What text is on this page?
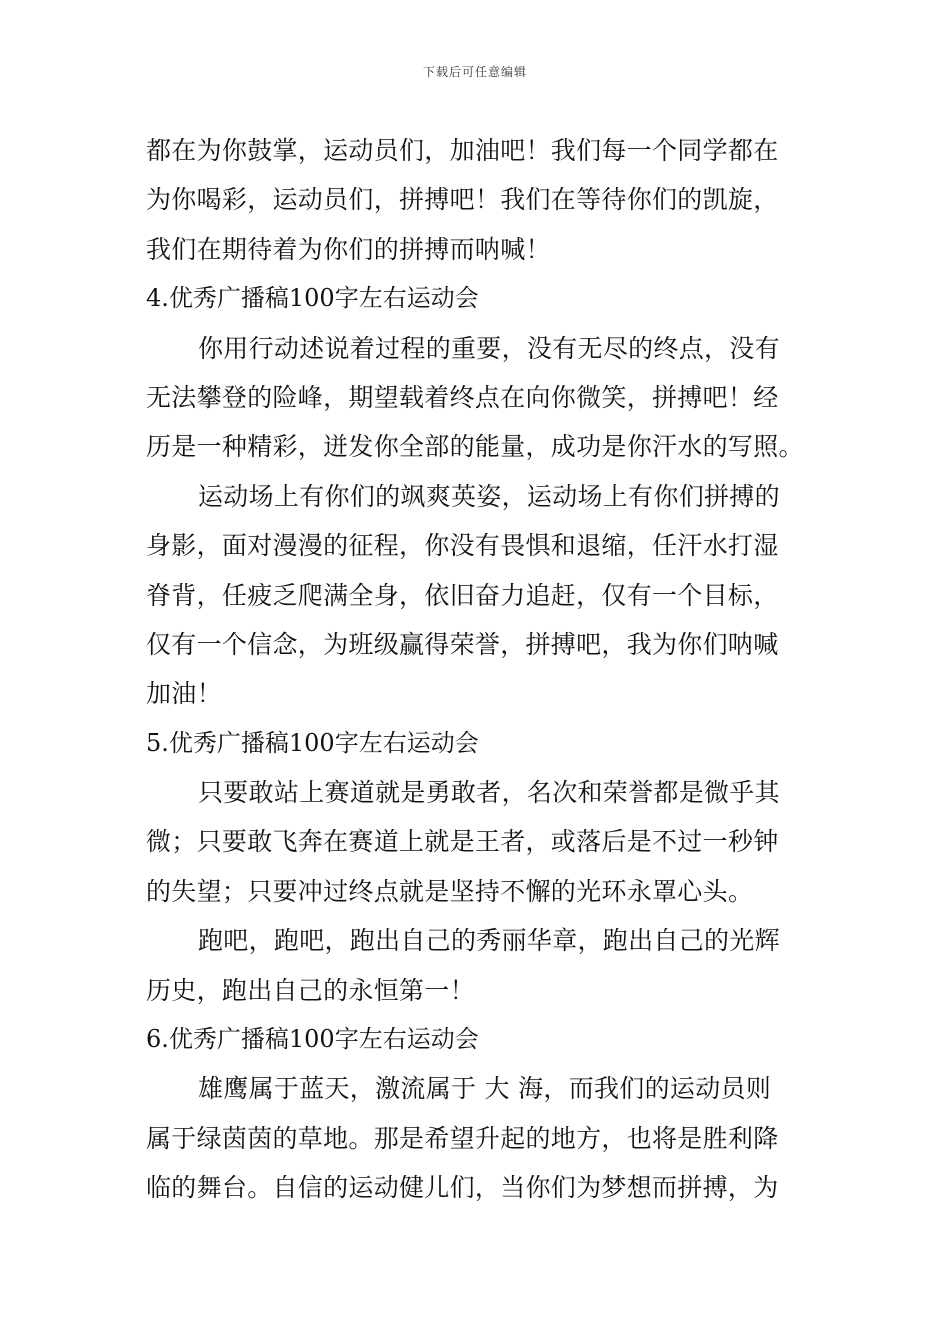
下载后可任意编辑
都在为你鼓掌，运动员们，加油吧！我们每一个同学都在
为你喝彩，运动员们，拼搏吧！我们在等待你们的凯旋，
我们在期待着为你们的拼搏而呐喊！
4.优秀广播稿100字左右运动会
你用行动述说着过程的重要，没有无尽的终点，没有
无法攀登的险峰，期望载着终点在向你微笑，拼搏吧！经
历是一种精彩，迸发你全部的能量，成功是你汗水的写照。
运动场上有你们的飒爽英姿，运动场上有你们拼搏的
身影，面对漫漫的征程，你没有畏惧和退缩，任汗水打湿
脊背，任疲乏爬满全身，依旧奋力追赶，仅有一个目标，
仅有一个信念，为班级赢得荣誉，拼搏吧，我为你们呐喊
加油！
5.优秀广播稿100字左右运动会
只要敢站上赛道就是勇敢者，名次和荣誉都是微乎其
微；只要敢飞奔在赛道上就是王者，或落后是不过一秒钟
的失望；只要冲过终点就是坚持不懈的光环永罩心头。
跑吧，跑吧，跑出自己的秀丽华章，跑出自己的光辉
历史，跑出自己的永恒第一！
6.优秀广播稿100字左右运动会
雄鹰属于蓝天，激流属于 大 海，而我们的运动员则
属于绿茵茵的草地。那是希望升起的地方，也将是胜利降
临的舞台。自信的运动健儿们，当你们为梦想而拼搏，为
